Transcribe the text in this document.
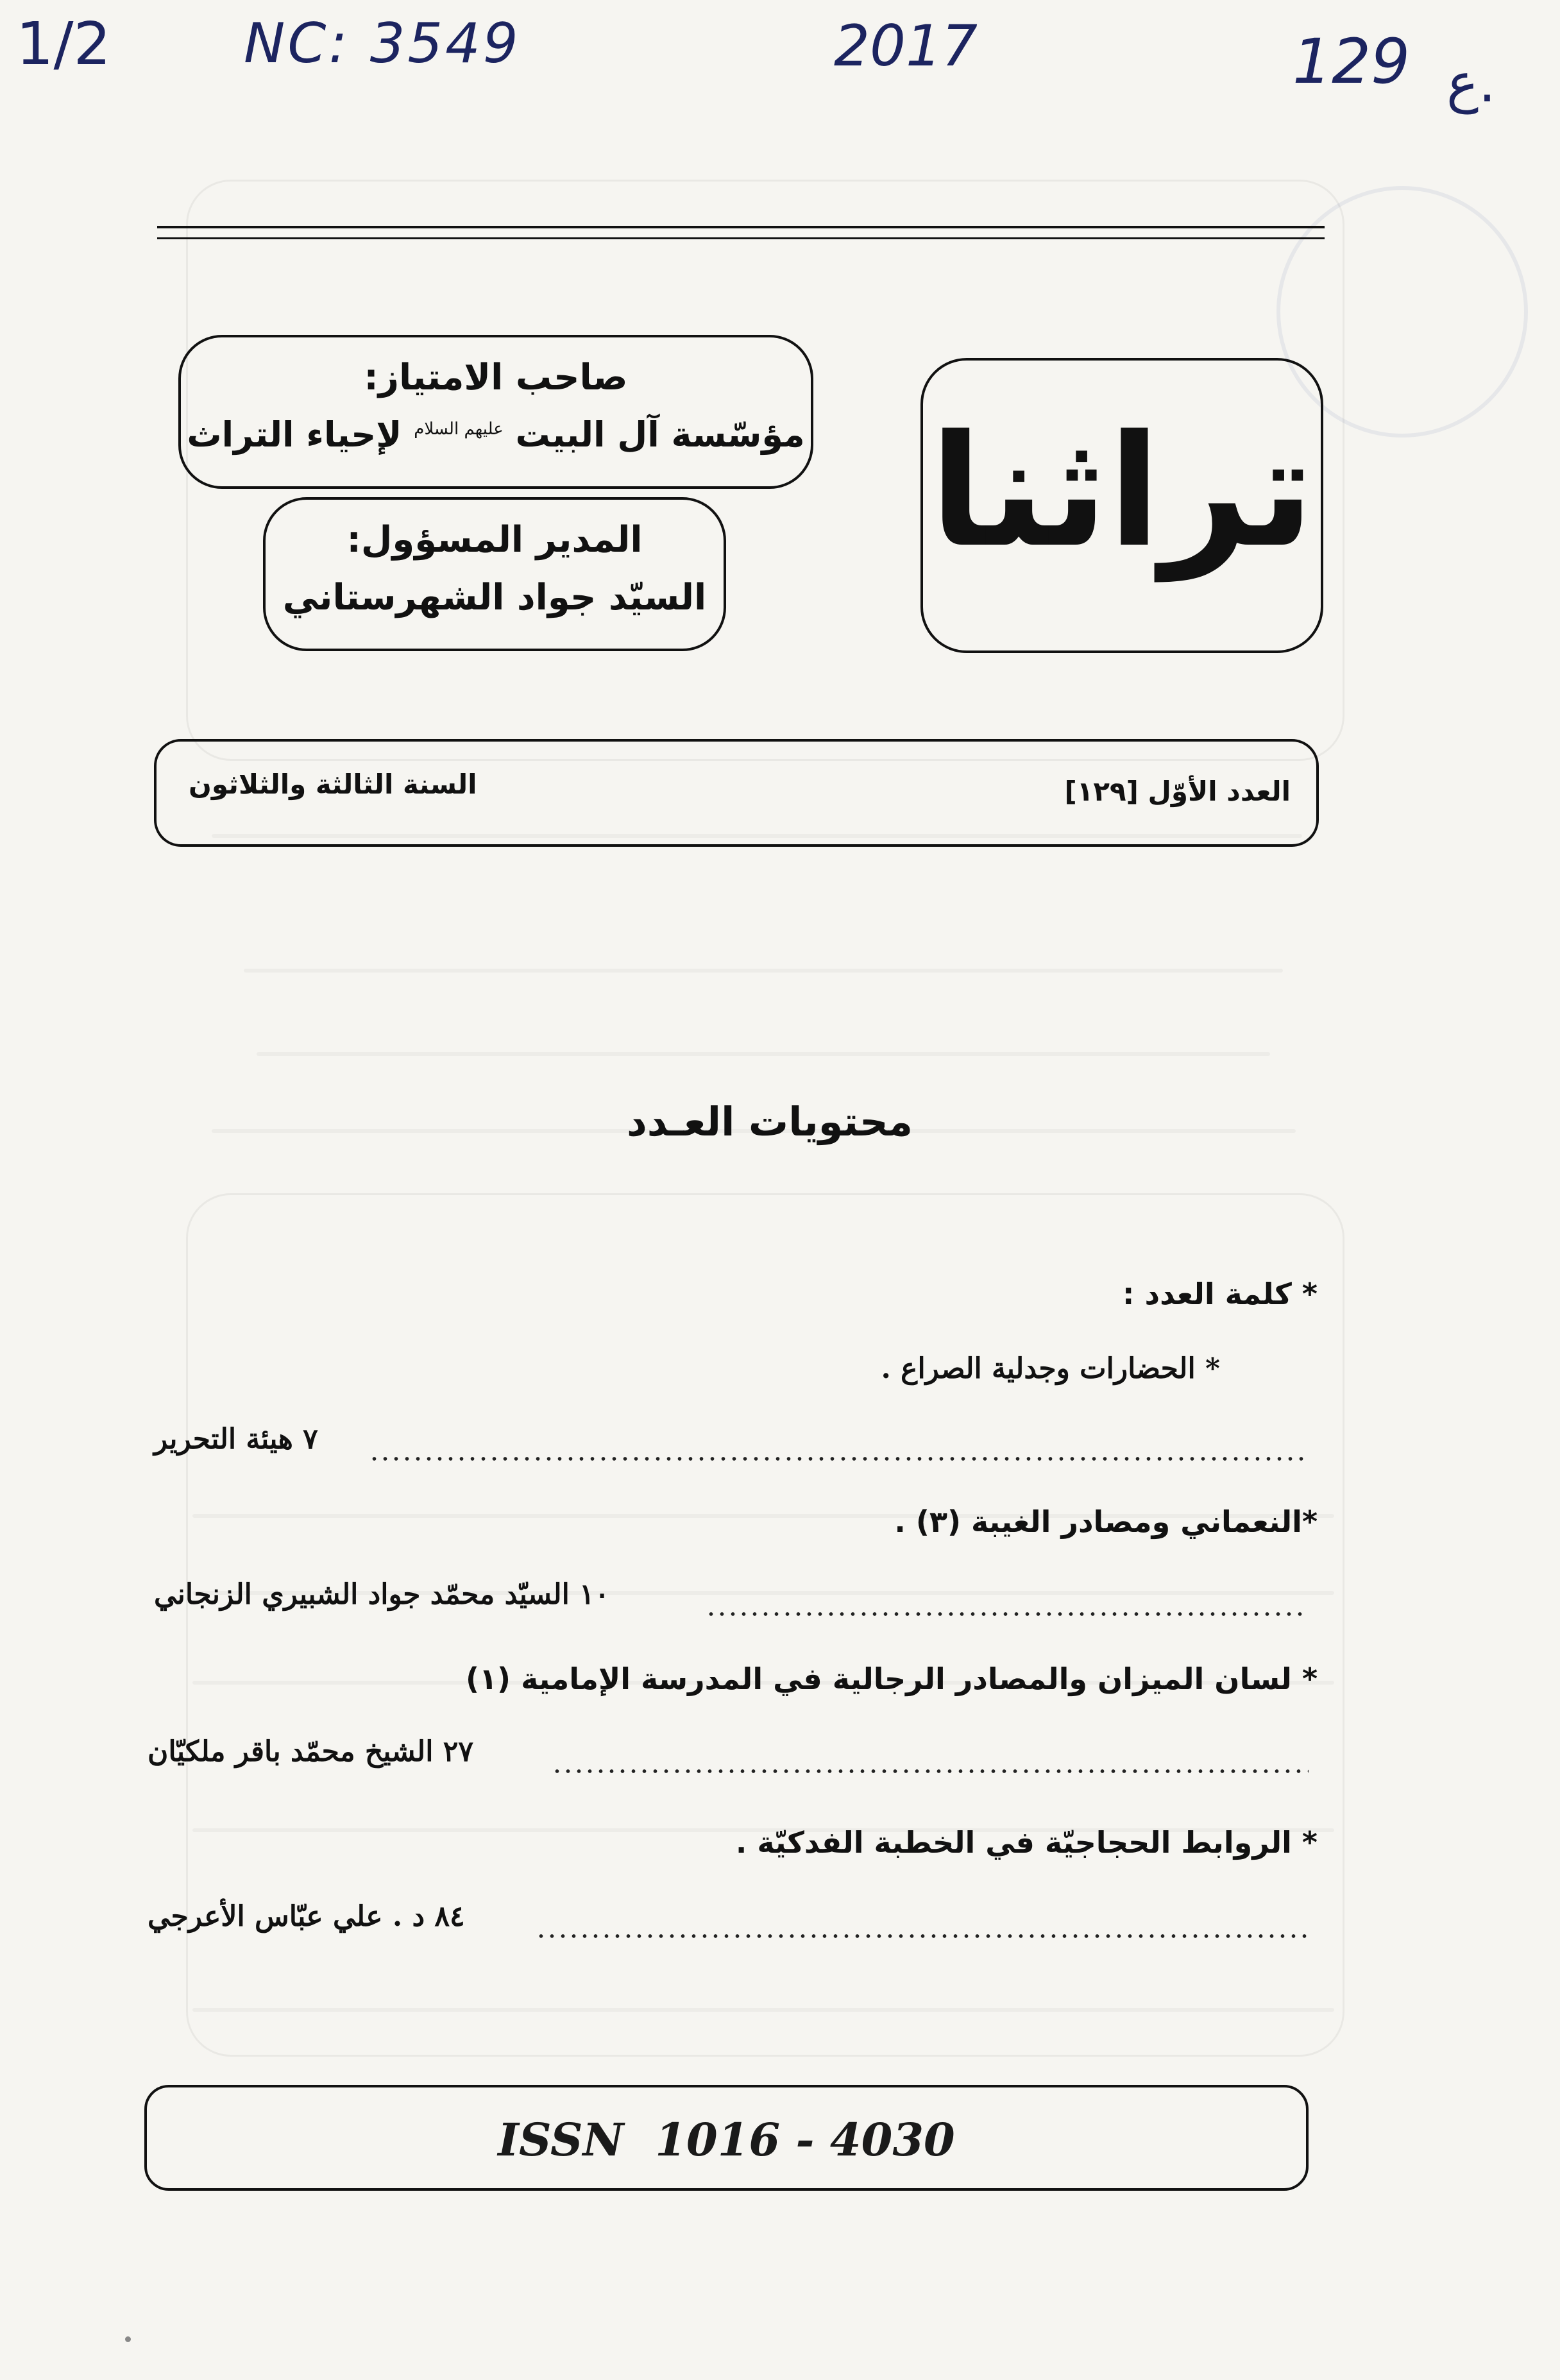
1/2 NC: 3549	2017	129 ع.
صاحب الامتياز:
مؤسّسة آل البيت $^{عليهم السلام}$ لإحياء التراث
المدير المسؤول:
السيّد جواد الشهرستاني
تراثنا
العدد الأوّل [١٢٩]
السنة الثالثة والثلاثون
محتويات العـدد
* كلمة العدد :
* الحضارات وجدلية الصراع .
٧ هيئة التحرير
*النعماني ومصادر الغيبة (٣) .
١٠ السيّد محمّد جواد الشبيري الزنجاني
* لسان الميزان والمصادر الرجالية في المدرسة الإمامية (١)
٢٧ الشيخ محمّد باقر ملكيّان
* الروابط الحجاجيّة في الخطبة الفدكيّة .
٨٤ د . علي عبّاس الأعرجي
ISSN  1016 - 4030
